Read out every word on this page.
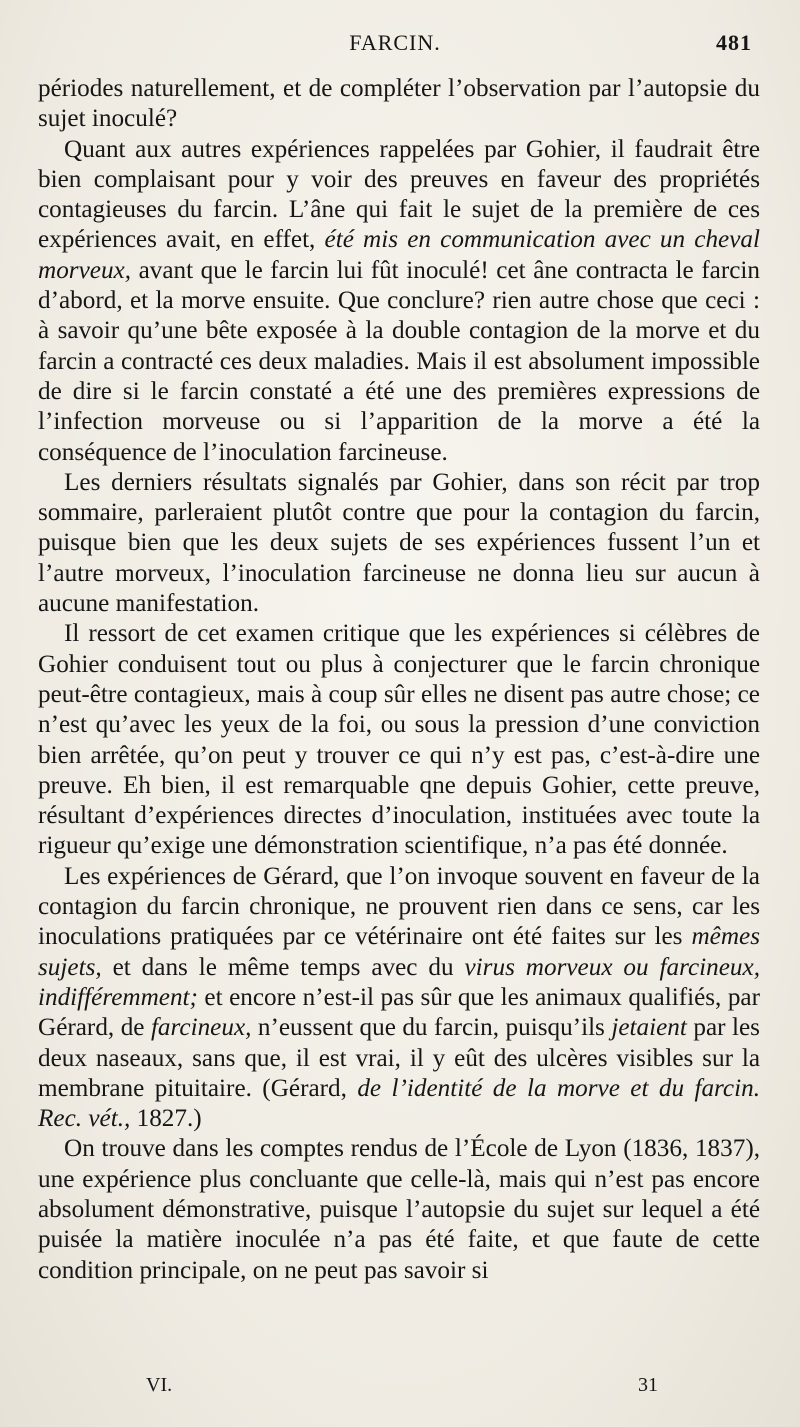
FARCIN.	481

périodes naturellement, et de compléter l’observation par l’autopsie du sujet inoculé?

Quant aux autres expériences rappelées par Gohier, il faudrait être bien complaisant pour y voir des preuves en faveur des propriétés contagieuses du farcin. L’âne qui fait le sujet de la première de ces expériences avait, en effet, été mis en communication avec un cheval morveux, avant que le farcin lui fût inoculé! cet âne contracta le farcin d’abord, et la morve ensuite. Que conclure? rien autre chose que ceci : à savoir qu’une bête exposée à la double contagion de la morve et du farcin a contracté ces deux maladies. Mais il est absolument impossible de dire si le farcin constaté a été une des premières expressions de l’infection morveuse ou si l’apparition de la morve a été la conséquence de l’inoculation farcineuse.

Les derniers résultats signalés par Gohier, dans son récit par trop sommaire, parleraient plutôt contre que pour la contagion du farcin, puisque bien que les deux sujets de ses expériences fussent l’un et l’autre morveux, l’inoculation farcineuse ne donna lieu sur aucun à aucune manifestation.

Il ressort de cet examen critique que les expériences si célèbres de Gohier conduisent tout ou plus à conjecturer que le farcin chronique peut-être contagieux, mais à coup sûr elles ne disent pas autre chose; ce n’est qu’avec les yeux de la foi, ou sous la pression d’une conviction bien arrêtée, qu’on peut y trouver ce qui n’y est pas, c’est-à-dire une preuve. Eh bien, il est remarquable qne depuis Gohier, cette preuve, résultant d’expériences directes d’inoculation, instituées avec toute la rigueur qu’exige une démonstration scientifique, n’a pas été donnée.

Les expériences de Gérard, que l’on invoque souvent en faveur de la contagion du farcin chronique, ne prouvent rien dans ce sens, car les inoculations pratiquées par ce vétérinaire ont été faites sur les mêmes sujets, et dans le même temps avec du virus morveux ou farcineux, indifféremment; et encore n’est-il pas sûr que les animaux qualifiés, par Gérard, de farcineux, n’eussent que du farcin, puisqu’ils jetaient par les deux naseaux, sans que, il est vrai, il y eût des ulcères visibles sur la membrane pituitaire. (Gérard, de l’identité de la morve et du farcin. Rec. vét., 1827.)

On trouve dans les comptes rendus de l’École de Lyon (1836, 1837), une expérience plus concluante que celle-là, mais qui n’est pas encore absolument démonstrative, puisque l’autopsie du sujet sur lequel a été puisée la matière inoculée n’a pas été faite, et que faute de cette condition principale, on ne peut pas savoir si

VI.	31
